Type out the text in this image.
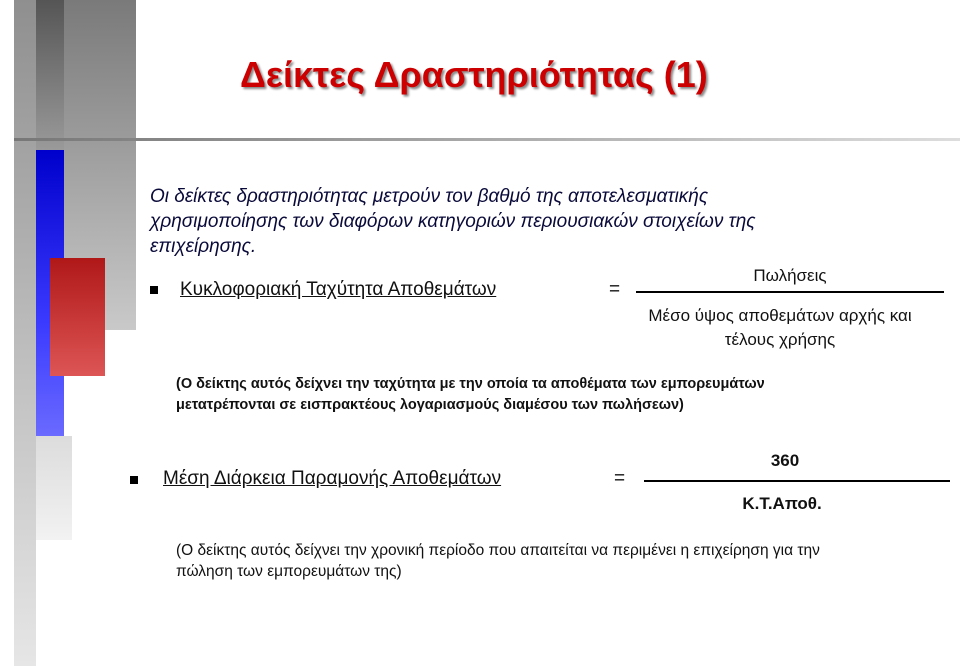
Δείκτες Δραστηριότητας (1)
Οι δείκτες δραστηριότητας μετρούν τον βαθμό της αποτελεσματικής χρησιμοποίησης των διαφόρων κατηγοριών περιουσιακών στοιχείων της επιχείρησης.
Κυκλοφοριακή Ταχύτητα Αποθεμάτων	=
Πωλήσεις
Μέσο ύψος αποθεμάτων αρχής και
τέλους χρήσης
(Ο δείκτης αυτός δείχνει την ταχύτητα με την οποία τα αποθέματα των εμπορευμάτων μετατρέπονται σε εισπρακτέους λογαριασμούς διαμέσου των πωλήσεων)
Μέση Διάρκεια Παραμονής Αποθεμάτων	=
360
Κ.Τ.Αποθ.
(Ο δείκτης αυτός δείχνει την χρονική περίοδο που απαιτείται να περιμένει η επιχείρηση για την πώληση των εμπορευμάτων της)
